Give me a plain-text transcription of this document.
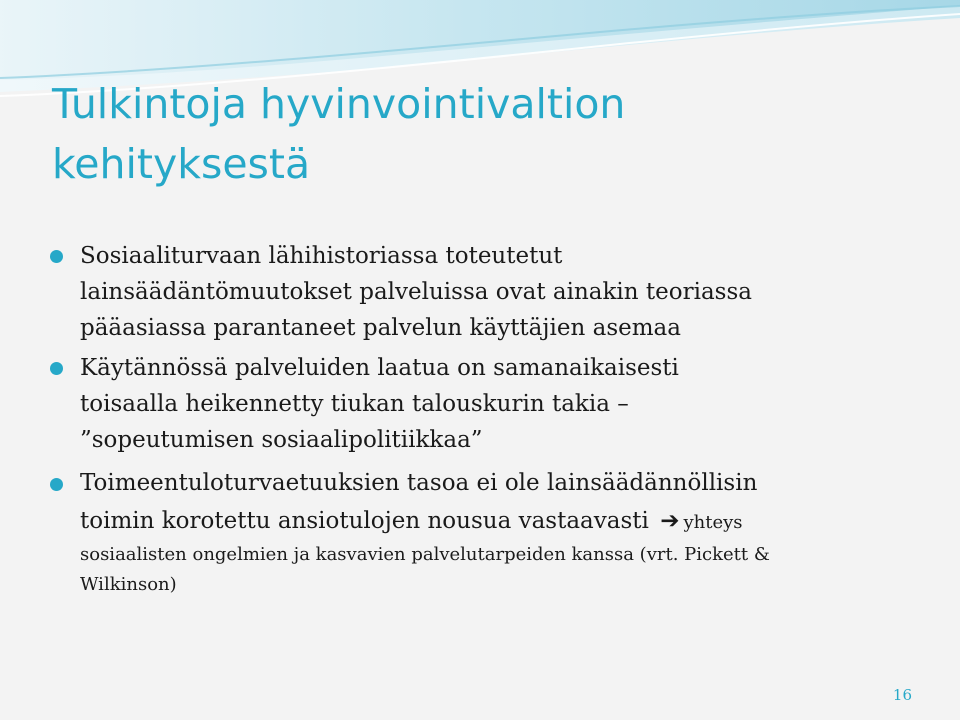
Tulkintoja hyvinvointivaltion
kehityksestä
Sosiaaliturvaan lähihistoriassa toteutetut
lainsäädäntömuutokset palveluissa ovat ainakin teoriassa
pääasiassa parantaneet palvelun käyttäjien asemaa
Käytännössä palveluiden laatua on samanaikaisesti
toisaalla heikennetty tiukan talouskurin takia –
”sopeutumisen sosiaalipolitiikkaa”
Toimeentuloturvaetuuksien tasoa ei ole lainsäädännöllisin
toimin korotettu ansiotulojen nousua vastaavasti ➔ yhteys
sosiaalisten ongelmien ja kasvavien palvelutarpeiden kanssa (vrt. Pickett &
Wilkinson)
16
